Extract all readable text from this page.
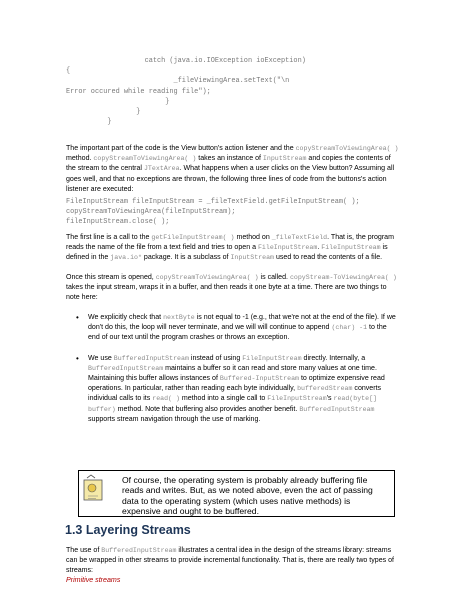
catch (java.io.IOException ioException)
{
_fileViewingArea.setText("\n
Error occured while reading file");
}
}
}

The important part of the code is the View button's action listener and the copyStreamToViewingArea( ) method. copyStreamToViewingArea( ) takes an instance of InputStream and copies the contents of the stream to the central JTextArea. What happens when a user clicks on the View button? Assuming all goes well, and that no exceptions are thrown, the following three lines of code from the buttons's action listener are executed:

FileInputStream fileInputStream = _fileTextField.getFileInputStream( );
copyStreamToViewingArea(fileInputStream);
fileInputStream.close( );

The first line is a call to the getFileInputStream( ) method on _fileTextField. That is, the program reads the name of the file from a text field and tries to open a FileInputStream. FileInputStream is defined in the java.io* package. It is a subclass of InputStream used to read the contents of a file.

Once this stream is opened, copyStreamToViewingArea( ) is called. copyStream-ToViewingArea( ) takes the input stream, wraps it in a buffer, and then reads it one byte at a time. There are two things to note here:

• We explicitly check that nextByte is not equal to -1 (e.g., that we're not at the end of the file). If we don't do this, the loop will never terminate, and we will will continue to append (char) -1 to the end of our text until the program crashes or throws an exception.
• We use BufferedInputStream instead of using FileInputStream directly. Internally, a BufferedInputStream maintains a buffer so it can read and store many values at one time. Maintaining this buffer allows instances of Buffered-InputStream to optimize expensive read operations. In particular, rather than reading each byte individually, bufferedStream converts individual calls to its read( ) method into a single call to FileInputStream's read(byte[] buffer) method. Note that buffering also provides another benefit. BufferedInputStream supports stream navigation through the use of marking.
Of course, the operating system is probably already buffering file reads and writes. But, as we noted above, even the act of passing data to the operating system (which uses native methods) is expensive and ought to be buffered.
1.3 Layering Streams

The use of BufferedInputStream illustrates a central idea in the design of the streams library: streams can be wrapped in other streams to provide incremental functionality. That is, there are really two types of streams:

Primitive streams
